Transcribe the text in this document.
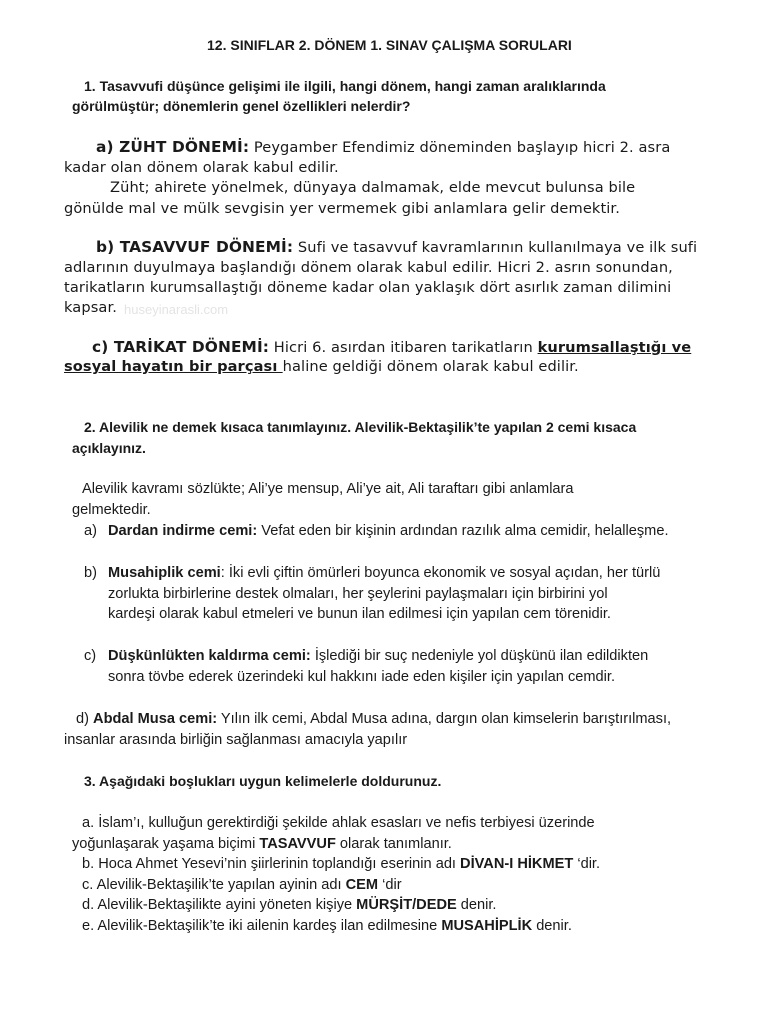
12. SINIFLAR 2. DÖNEM 1. SINAV ÇALIŞMA SORULARI
1. Tasavvufi düşünce gelişimi ile ilgili, hangi dönem, hangi zaman aralıklarında
görülmüştür; dönemlerin genel özellikleri nelerdir?
a) ZÜHT DÖNEMİ: Peygamber Efendimiz döneminden başlayıp hicri 2. asra
kadar olan dönem olarak kabul edilir.
Züht; ahirete yönelmek, dünyaya dalmamak, elde mevcut bulunsa bile
gönülde mal ve mülk sevgisin yer vermemek gibi anlamlara gelir demektir.
b) TASAVVUF DÖNEMİ: Sufi ve tasavvuf kavramlarının kullanılmaya ve ilk sufi
adlarının duyulmaya başlandığı dönem olarak kabul edilir. Hicri 2. asrın sonundan,
tarikatların kurumsallaştığı döneme kadar olan yaklaşık dört asırlık zaman dilimini
kapsar. huseyinarasli.com
c) TARİKAT DÖNEMİ: Hicri 6. asırdan itibaren tarikatların kurumsallaştığı ve
sosyal hayatın bir parçası haline geldiği dönem olarak kabul edilir.
2. Alevilik ne demek kısaca tanımlayınız. Alevilik-Bektaşilik’te yapılan 2 cemi kısaca
açıklayınız.
Alevilik kavramı sözlükte; Ali’ye mensup, Ali’ye ait, Ali taraftarı gibi anlamlara
gelmektedir.
a) Dardan indirme cemi: Vefat eden bir kişinin ardından razılık alma cemidir, helalleşme.
b) Musahiplik cemi: İki evli çiftin ömürleri boyunca ekonomik ve sosyal açıdan, her türlü
zorlukta birbirlerine destek olmaları, her şeylerini paylaşmaları için birbirini yol
kardeşi olarak kabul etmeleri ve bunun ilan edilmesi için yapılan cem törenidir.
c) Düşkünlükten kaldırma cemi: İşlediği bir suç nedeniyle yol düşkünü ilan edildikten
sonra tövbe ederek üzerindeki kul hakkını iade eden kişiler için yapılan cemdir.
d) Abdal Musa cemi: Yılın ilk cemi, Abdal Musa adına, dargın olan kimselerin barıştırılması,
insanlar arasında birliğin sağlanması amacıyla yapılır
3. Aşağıdaki boşlukları uygun kelimelerle doldurunuz.
a. İslam’ı, kulluğun gerektirdiği şekilde ahlak esasları ve nefis terbiyesi üzerinde
yoğunlaşarak yaşama biçimi TASAVVUF olarak tanımlanır.
b. Hoca Ahmet Yesevi’nin şiirlerinin toplandığı eserinin adı DİVAN-I HİKMET ‘dir.
c. Alevilik-Bektaşilik’te yapılan ayinin adı CEM ‘dir
d. Alevilik-Bektaşilikte ayini yöneten kişiye MÜRŞİT/DEDE denir.
e. Alevilik-Bektaşilik’te iki ailenin kardeş ilan edilmesine MUSAHİPLİK denir.
